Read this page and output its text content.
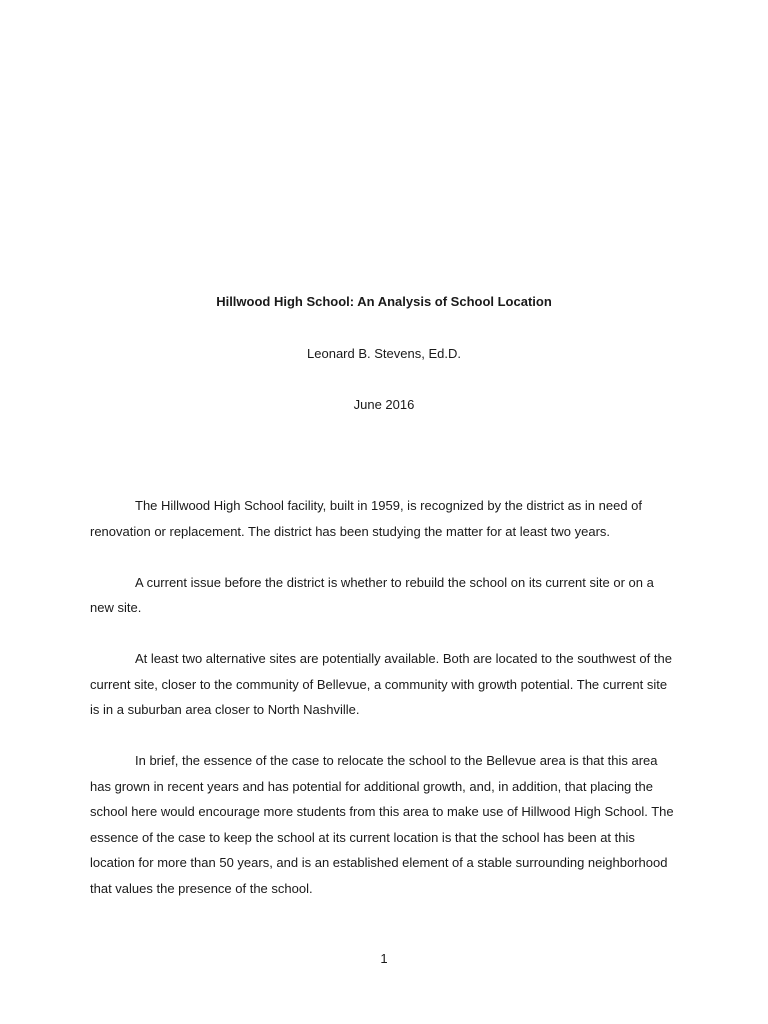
Hillwood High School: An Analysis of School Location
Leonard B. Stevens, Ed.D.
June 2016

The Hillwood High School facility, built in 1959, is recognized by the district as in need of renovation or replacement. The district has been studying the matter for at least two years.

A current issue before the district is whether to rebuild the school on its current site or on a new site.

At least two alternative sites are potentially available. Both are located to the southwest of the current site, closer to the community of Bellevue, a community with growth potential. The current site is in a suburban area closer to North Nashville.

In brief, the essence of the case to relocate the school to the Bellevue area is that this area has grown in recent years and has potential for additional growth, and, in addition, that placing the school here would encourage more students from this area to make use of Hillwood High School. The essence of the case to keep the school at its current location is that the school has been at this location for more than 50 years, and is an established element of a stable surrounding neighborhood that values the presence of the school.

1
